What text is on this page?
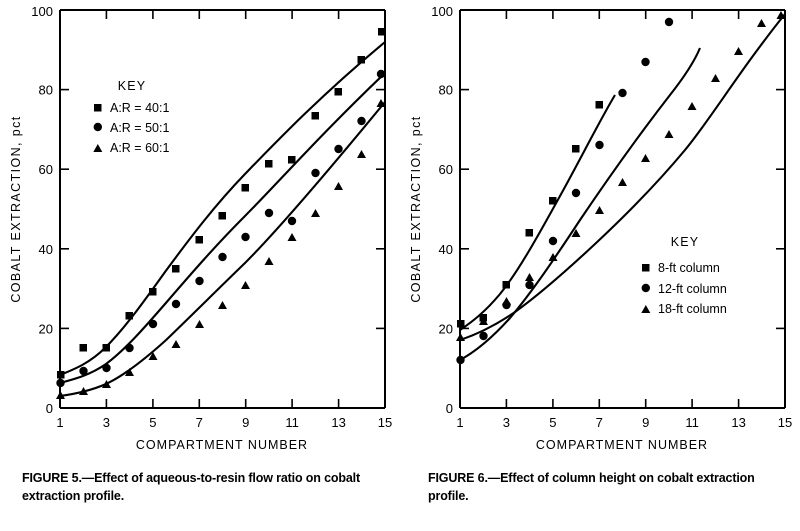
0
20
40
60
80
100
1	3	5	7	9	11	13 15
COMPARTMENT NUMBER
COBALT EXTRACTION, pct
KEY
A:R = 40:1
A:R = 50:1
A:R = 60:1
FIGURE 5.—Effect of aqueous-to-resin flow ratio on cobalt
extraction profile.
0
20
40
60
80
100
1	3	5	7	9	11	13 15
COMPARTMENT NUMBER
COBALT EXTRACTION, pct	KEY
8-ft column
12-ft column
18-ft column
FIGURE 6.—Effect of column height on cobalt extraction
profile.
